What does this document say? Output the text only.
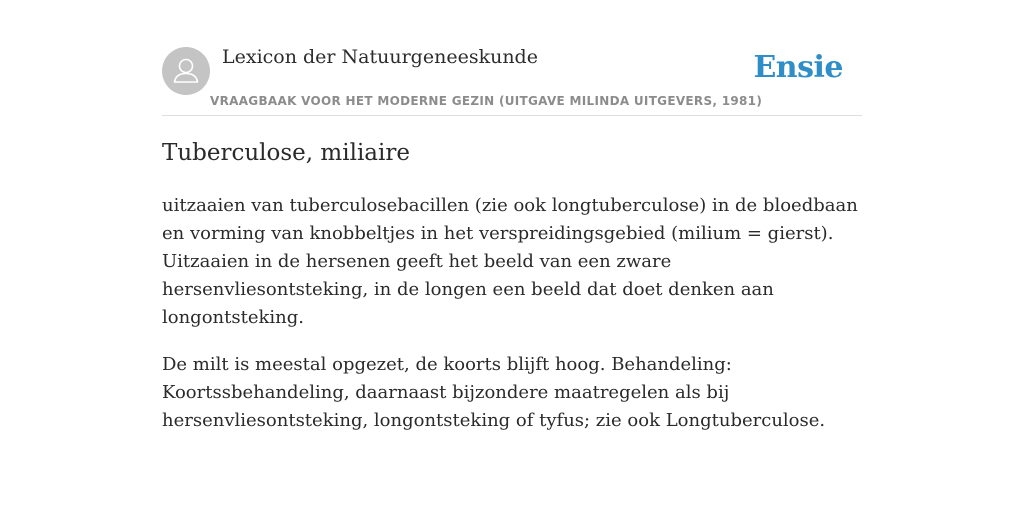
Lexicon der Natuurgeneeskunde
VRAAGBAAK VOOR HET MODERNE GEZIN (UITGAVE MILINDA UITGEVERS, 1981)
Ensie
Tuberculose, miliaire

uitzaaien van tuberculosebacillen (zie ook longtuberculose) in de bloedbaan en vorming van knobbeltjes in het verspreidingsgebied (milium = gierst). Uitzaaien in de hersenen geeft het beeld van een zware hersenvliesontsteking, in de longen een beeld dat doet denken aan longontsteking.

De milt is meestal opgezet, de koorts blijft hoog. Behandeling: Koortssbehandeling, daarnaast bijzondere maatregelen als bij hersenvliesontsteking, longontsteking of tyfus; zie ook Longtuberculose.
